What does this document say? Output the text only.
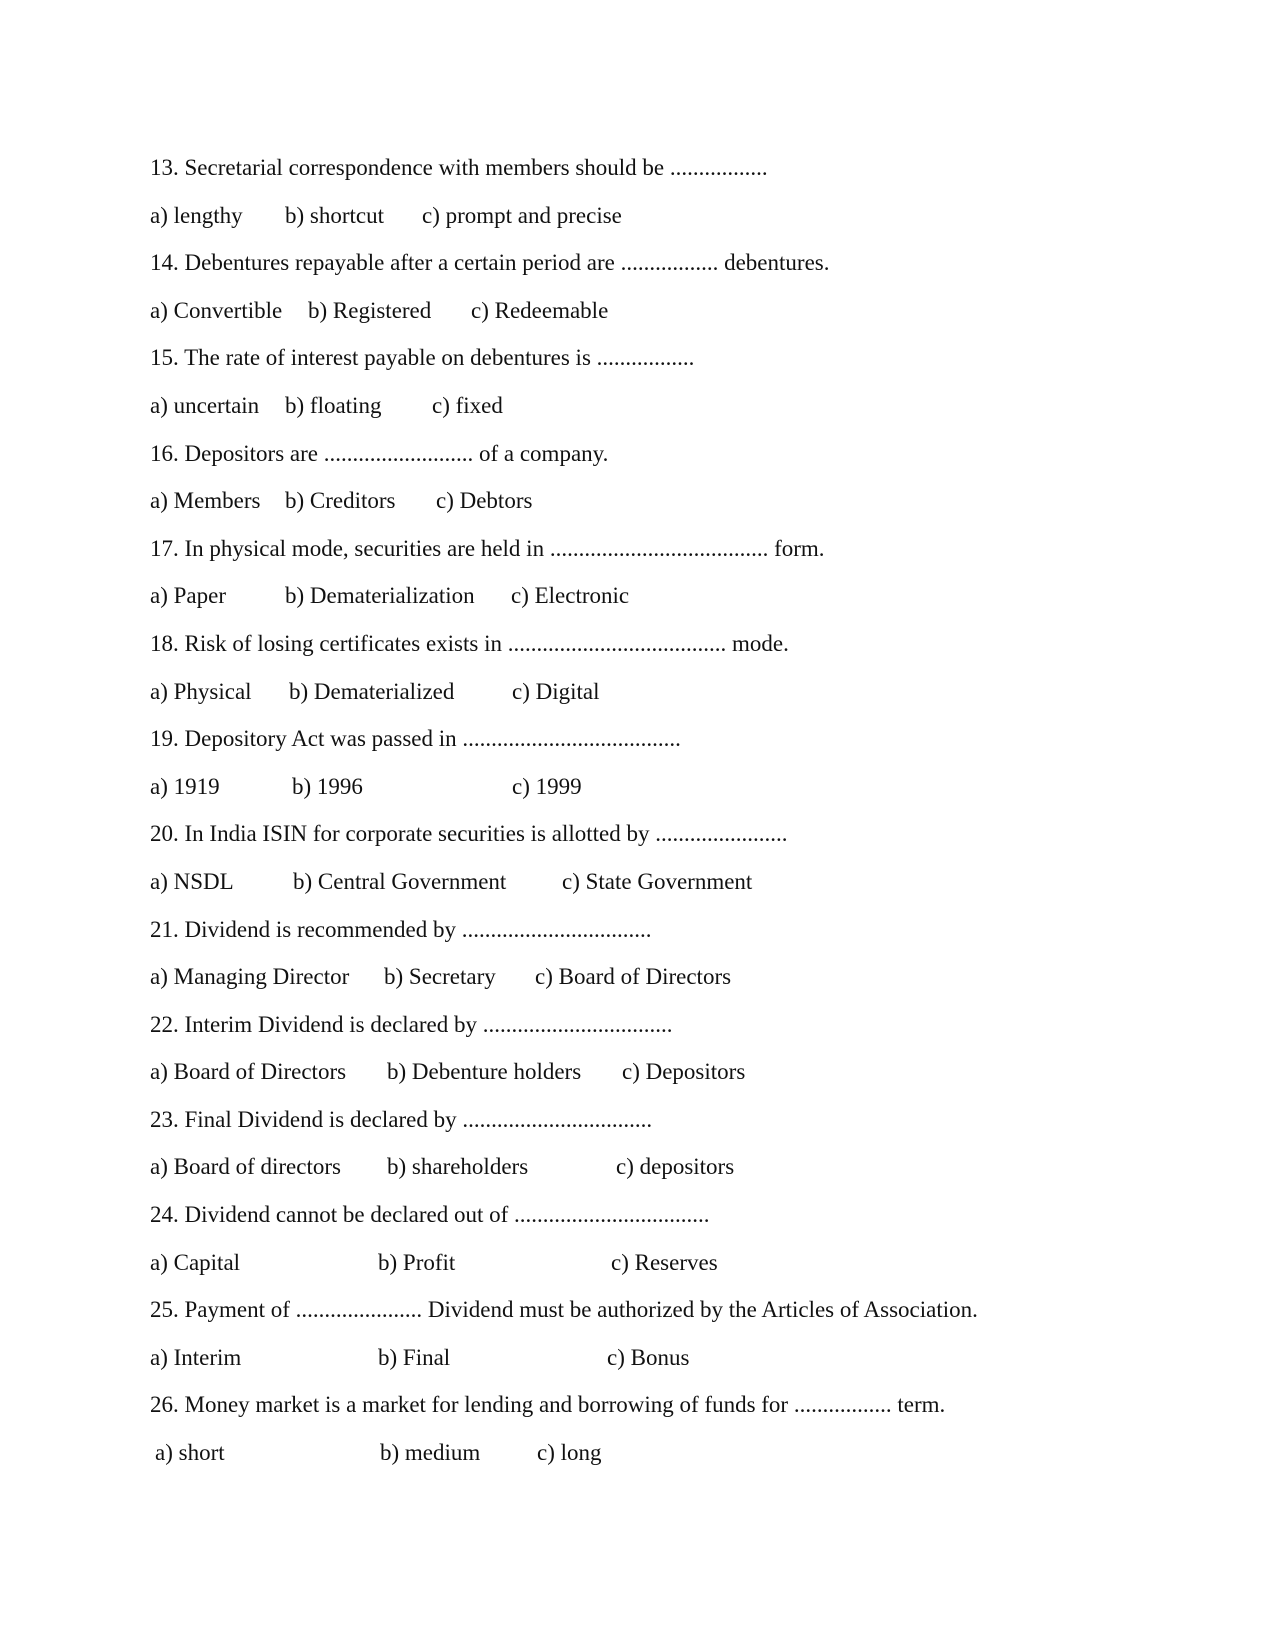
13. Secretarial correspondence with members should be .................
a) lengthy b) shortcut c) prompt and precise
14. Debentures repayable after a certain period are ................. debentures.
a) Convertible b) Registered c) Redeemable
15. The rate of interest payable on debentures is .................
a) uncertain b) floating c) fixed
16. Depositors are .......................... of a company.
a) Members b) Creditors c) Debtors
17. In physical mode, securities are held in ...................................... form.
a) Paper	b) Dematerialization c) Electronic
18. Risk of losing certificates exists in ...................................... mode.
a) Physical b) Dematerialized	c) Digital
19. Depository Act was passed in ......................................
a) 1919	b) 1996	c) 1999
20. In India ISIN for corporate securities is allotted by .......................
a) NSDL	b) Central Government c) State Government
21. Dividend is recommended by .................................
a) Managing Director b) Secretary c) Board of Directors
22. Interim Dividend is declared by .................................
a) Board of Directors b) Debenture holders c) Depositors
23. Final Dividend is declared by .................................
a) Board of directors b) shareholders	c) depositors
24. Dividend cannot be declared out of ..................................
a) Capital	b) Profit	c) Reserves
25. Payment of ...................... Dividend must be authorized by the Articles of Association.
a) Interim	b) Final	c) Bonus
26. Money market is a market for lending and borrowing of funds for ................. term.
a) short	b) medium c) long
